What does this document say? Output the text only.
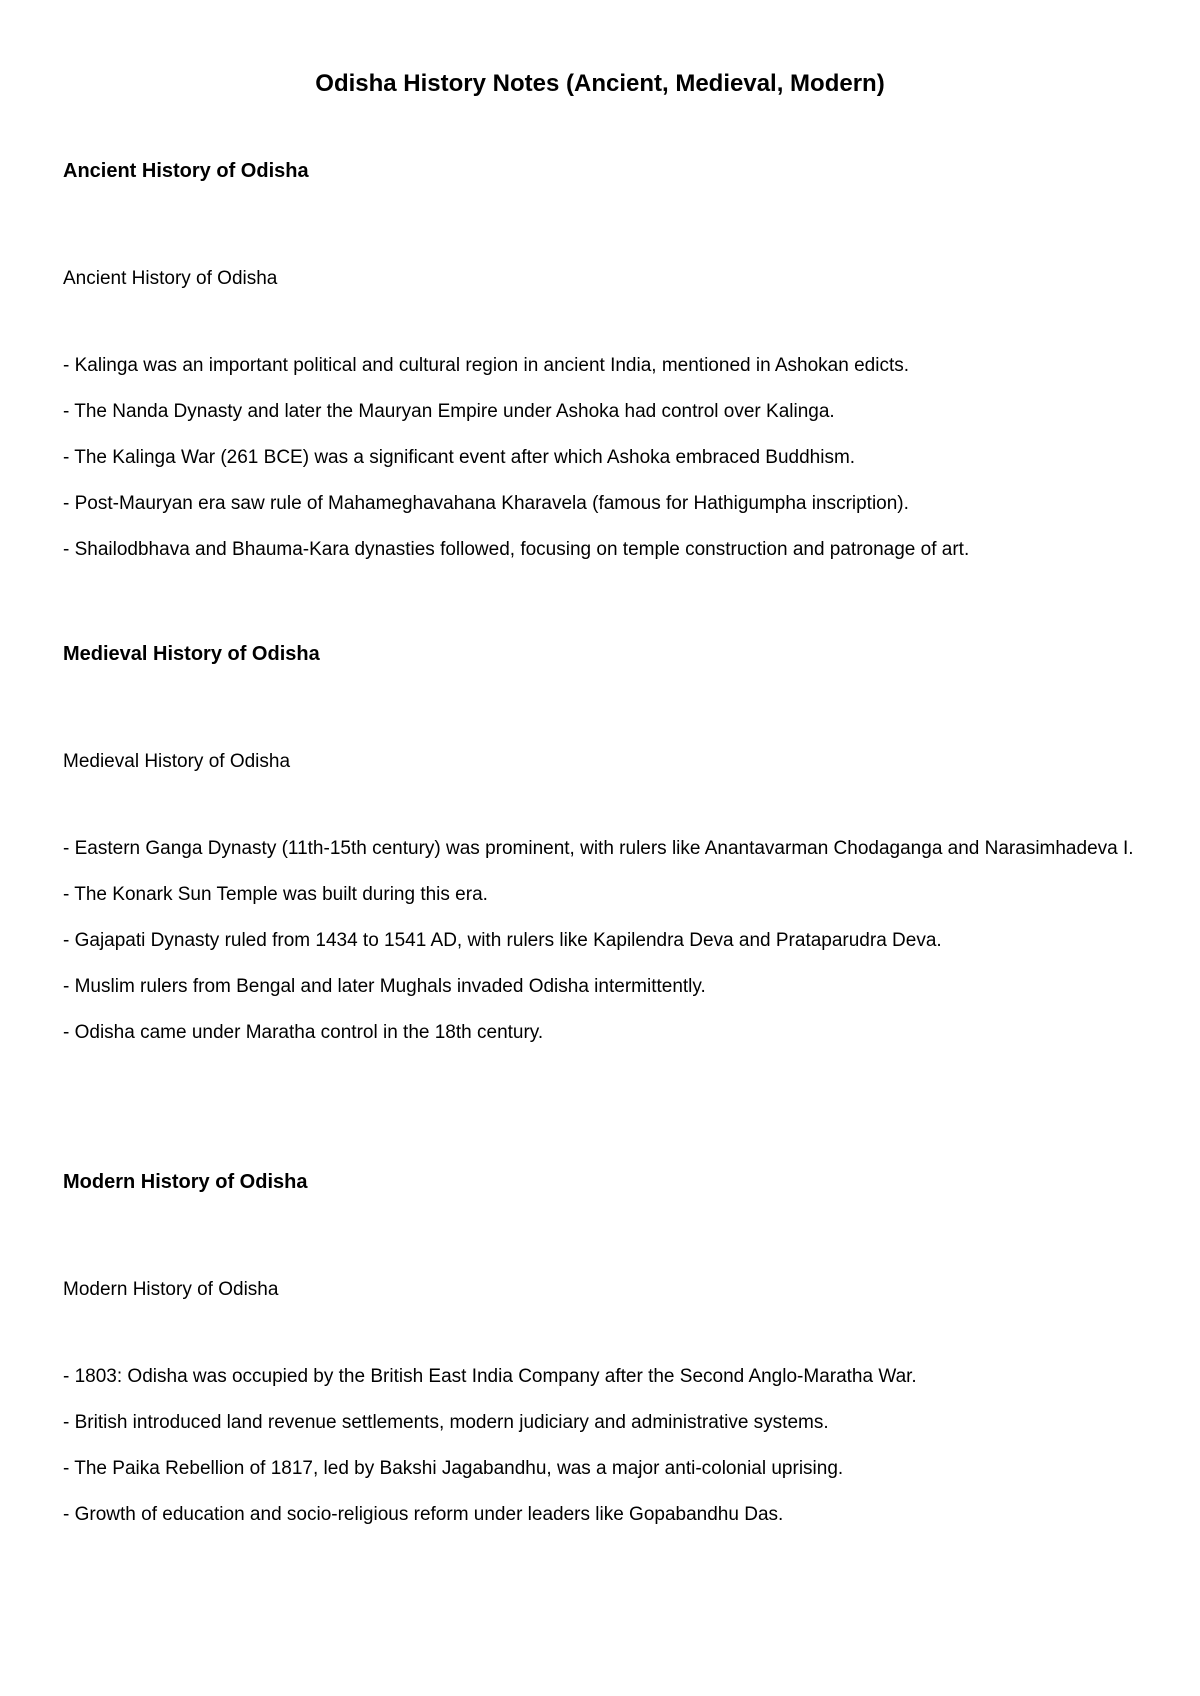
Odisha History Notes (Ancient, Medieval, Modern)
Ancient History of Odisha

Ancient History of Odisha

- Kalinga was an important political and cultural region in ancient India, mentioned in Ashokan edicts.
- The Nanda Dynasty and later the Mauryan Empire under Ashoka had control over Kalinga.
- The Kalinga War (261 BCE) was a significant event after which Ashoka embraced Buddhism.
- Post-Mauryan era saw rule of Mahameghavahana Kharavela (famous for Hathigumpha inscription).
- Shailodbhava and Bhauma-Kara dynasties followed, focusing on temple construction and patronage of art.
Medieval History of Odisha

Medieval History of Odisha

- Eastern Ganga Dynasty (11th-15th century) was prominent, with rulers like Anantavarman Chodaganga and Narasimhadeva I.
- The Konark Sun Temple was built during this era.
- Gajapati Dynasty ruled from 1434 to 1541 AD, with rulers like Kapilendra Deva and Prataparudra Deva.
- Muslim rulers from Bengal and later Mughals invaded Odisha intermittently.
- Odisha came under Maratha control in the 18th century.
Modern History of Odisha

Modern History of Odisha

- 1803: Odisha was occupied by the British East India Company after the Second Anglo-Maratha War.
- British introduced land revenue settlements, modern judiciary and administrative systems.
- The Paika Rebellion of 1817, led by Bakshi Jagabandhu, was a major anti-colonial uprising.
- Growth of education and socio-religious reform under leaders like Gopabandhu Das.
